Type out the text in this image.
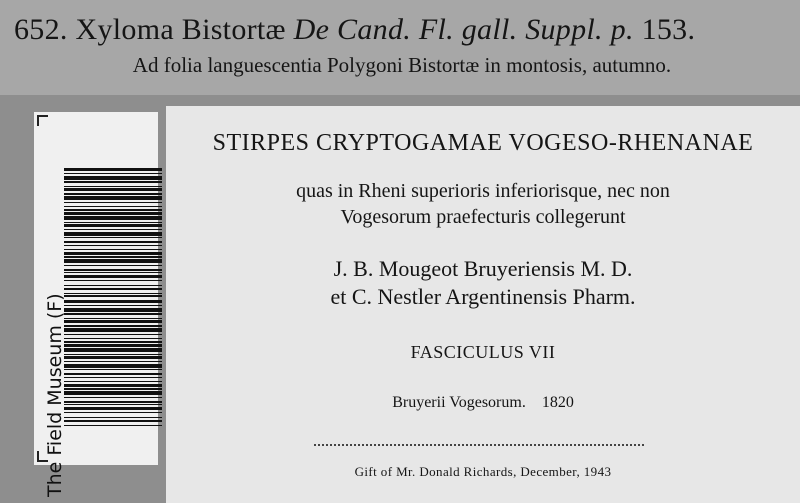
652. Xyloma Bistortæ De Cand. Fl. gall. Suppl. p. 153.
Ad folia languescentia Polygoni Bistortæ in montosis, autumno.
The Field Museum (F)
STIRPES CRYPTOGAMAE VOGESO-RHENANAE
quas in Rheni superioris inferiorisque, nec non
Vogesorum praefecturis collegerunt
J. B. Mougeot Bruyeriensis M. D.
et C. Nestler Argentinensis Pharm.
FASCICULUS VII
Bruyerii Vogesorum.    1820
Gift of Mr. Donald Richards, December, 1943
